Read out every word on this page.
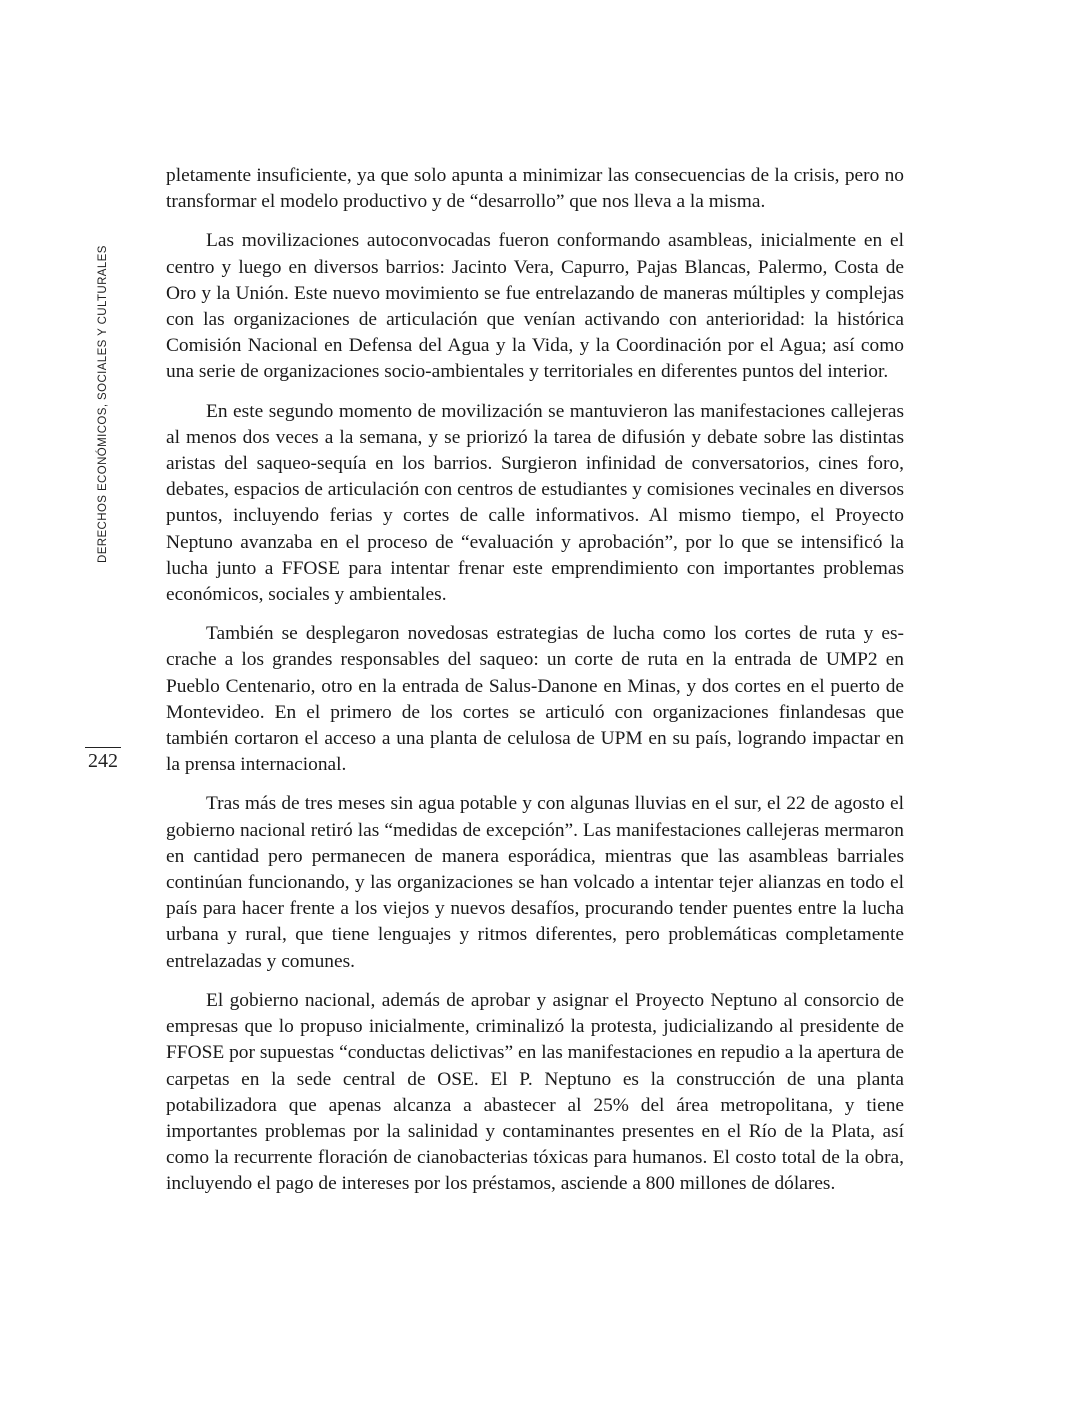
DERECHOS ECONÓMICOS, SOCIALES Y CULTURALES
242

pletamente insuficiente, ya que solo apunta a minimizar las consecuencias de la crisis, pero no transformar el modelo productivo y de “desarrollo” que nos lleva a la misma.

Las movilizaciones autoconvocadas fueron conformando asambleas, inicialmente en el centro y luego en diversos barrios: Jacinto Vera, Capurro, Pajas Blancas, Palermo, Costa de Oro y la Unión. Este nuevo movimiento se fue entrelazando de maneras múltiples y complejas con las organizaciones de articulación que venían activando con anterioridad: la histórica Comisión Nacional en Defensa del Agua y la Vida, y la Coordinación por el Agua; así como una serie de organizaciones socio-ambientales y territoriales en diferentes puntos del interior.

En este segundo momento de movilización se mantuvieron las manifestaciones callejeras al menos dos veces a la semana, y se priorizó la tarea de difusión y debate sobre las distintas aristas del saqueo-sequía en los barrios. Surgieron infinidad de conversatorios, cines foro, debates, espacios de articulación con centros de estudiantes y comisiones vecinales en diversos puntos, incluyendo ferias y cortes de calle informativos. Al mismo tiempo, el Proyecto Neptuno avanzaba en el proceso de “evaluación y aprobación”, por lo que se intensificó la lucha junto a FFOSE para intentar frenar este emprendimiento con importantes problemas económicos, sociales y ambientales.

También se desplegaron novedosas estrategias de lucha como los cortes de ruta y escrache a los grandes responsables del saqueo: un corte de ruta en la entrada de UMP2 en Pueblo Centenario, otro en la entrada de Salus-Danone en Minas, y dos cortes en el puerto de Montevideo. En el primero de los cortes se articuló con organizaciones finlandesas que también cortaron el acceso a una planta de celulosa de UPM en su país, logrando impactar en la prensa internacional.

Tras más de tres meses sin agua potable y con algunas lluvias en el sur, el 22 de agosto el gobierno nacional retiró las “medidas de excepción”. Las manifestaciones callejeras mermaron en cantidad pero permanecen de manera esporádica, mientras que las asambleas barriales continúan funcionando, y las organizaciones se han volcado a intentar tejer alianzas en todo el país para hacer frente a los viejos y nuevos desafíos, procurando tender puentes entre la lucha urbana y rural, que tiene lenguajes y ritmos diferentes, pero problemáticas completamente entrelazadas y comunes.

El gobierno nacional, además de aprobar y asignar el Proyecto Neptuno al consorcio de empresas que lo propuso inicialmente, criminalizó la protesta, judicializando al presidente de FFOSE por supuestas “conductas delictivas” en las manifestaciones en repudio a la apertura de carpetas en la sede central de OSE. El P. Neptuno es la construcción de una planta potabilizadora que apenas alcanza a abastecer al 25% del área metropolitana, y tiene importantes problemas por la salinidad y contaminantes presentes en el Río de la Plata, así como la recurrente floración de cianobacterias tóxicas para humanos. El costo total de la obra, incluyendo el pago de intereses por los préstamos, asciende a 800 millones de dólares.
